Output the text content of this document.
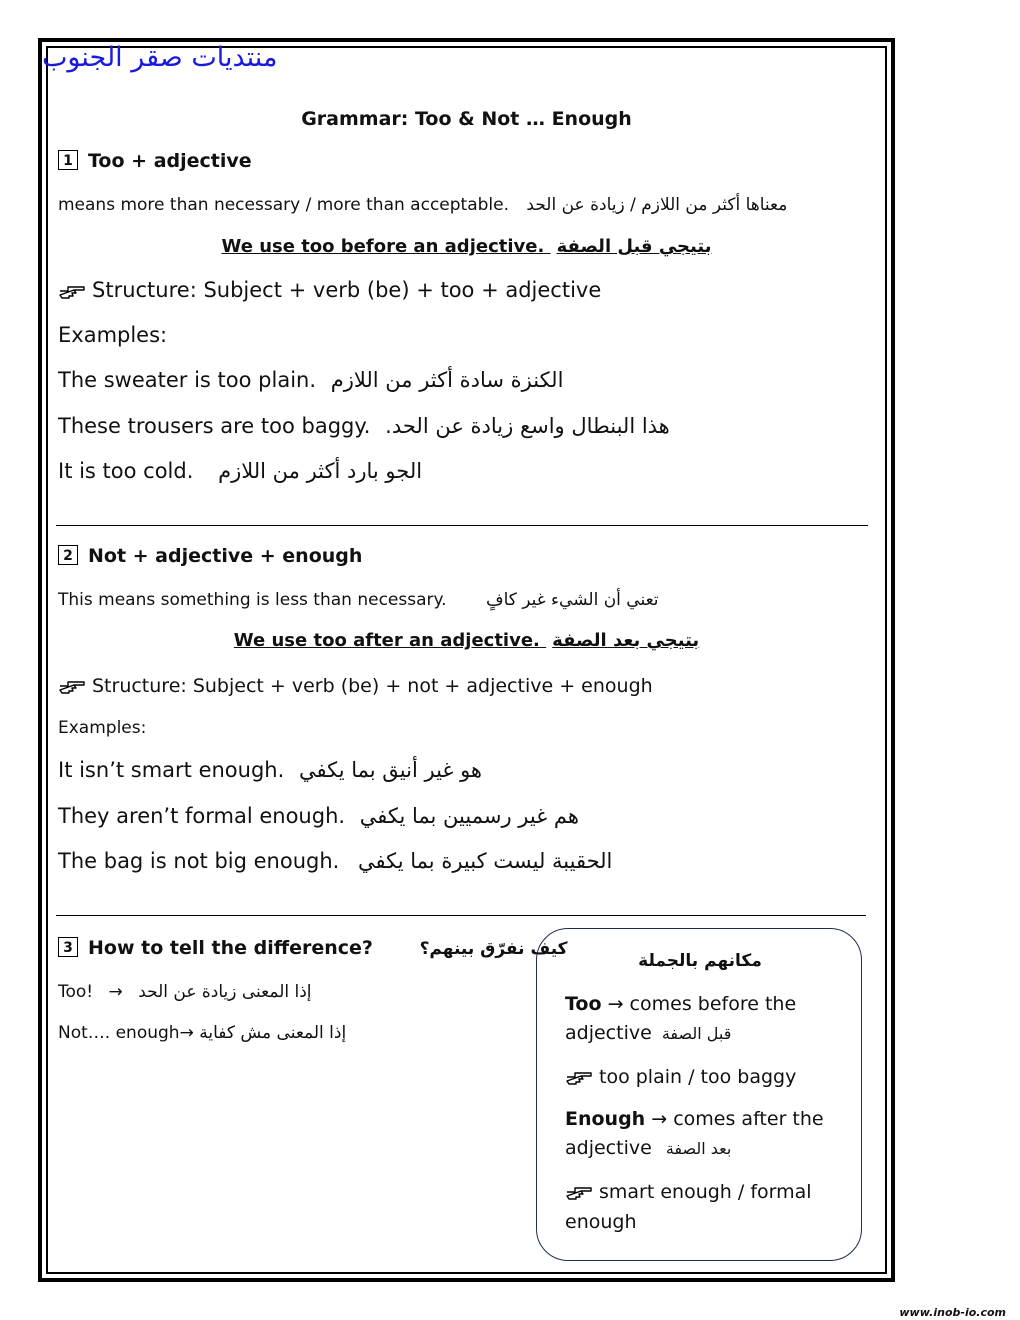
منتديات صقر الجنوب
Grammar: Too & Not … Enough
1 Too + adjective
means more than necessary / more than acceptable. معناها أكثر من اللازم / زيادة عن الحد
We use too before an adjective. بتيجي قبل الصفة
Structure: Subject + verb (be) + too + adjective
Examples:
The sweater is too plain. الكنزة سادة أكثر من اللازم
These trousers are too baggy. هذا البنطال واسع زيادة عن الحد.
It is too cold. الجو بارد أكثر من اللازم
2 Not + adjective + enough
This means something is less than necessary. تعني أن الشيء غير كافٍ
We use too after an adjective. بتيجي بعد الصفة
Structure: Subject + verb (be) + not + adjective + enough
Examples:
It isn’t smart enough. هو غير أنيق بما يكفي
They aren’t formal enough. هم غير رسميين بما يكفي
The bag is not big enough. الحقيبة ليست كبيرة بما يكفي
3 How to tell the difference?	كيف نفرّق بينهم؟
Too! → إذا المعنى زيادة عن الحد
Not…. enough→ إذا المعنى مش كفاية
مكانهم بالجملة
Too → comes before the
adjective قبل الصفة
too plain / too baggy
Enough → comes after the
adjective بعد الصفة
smart enough / formal
enough
www.inob-io.com
